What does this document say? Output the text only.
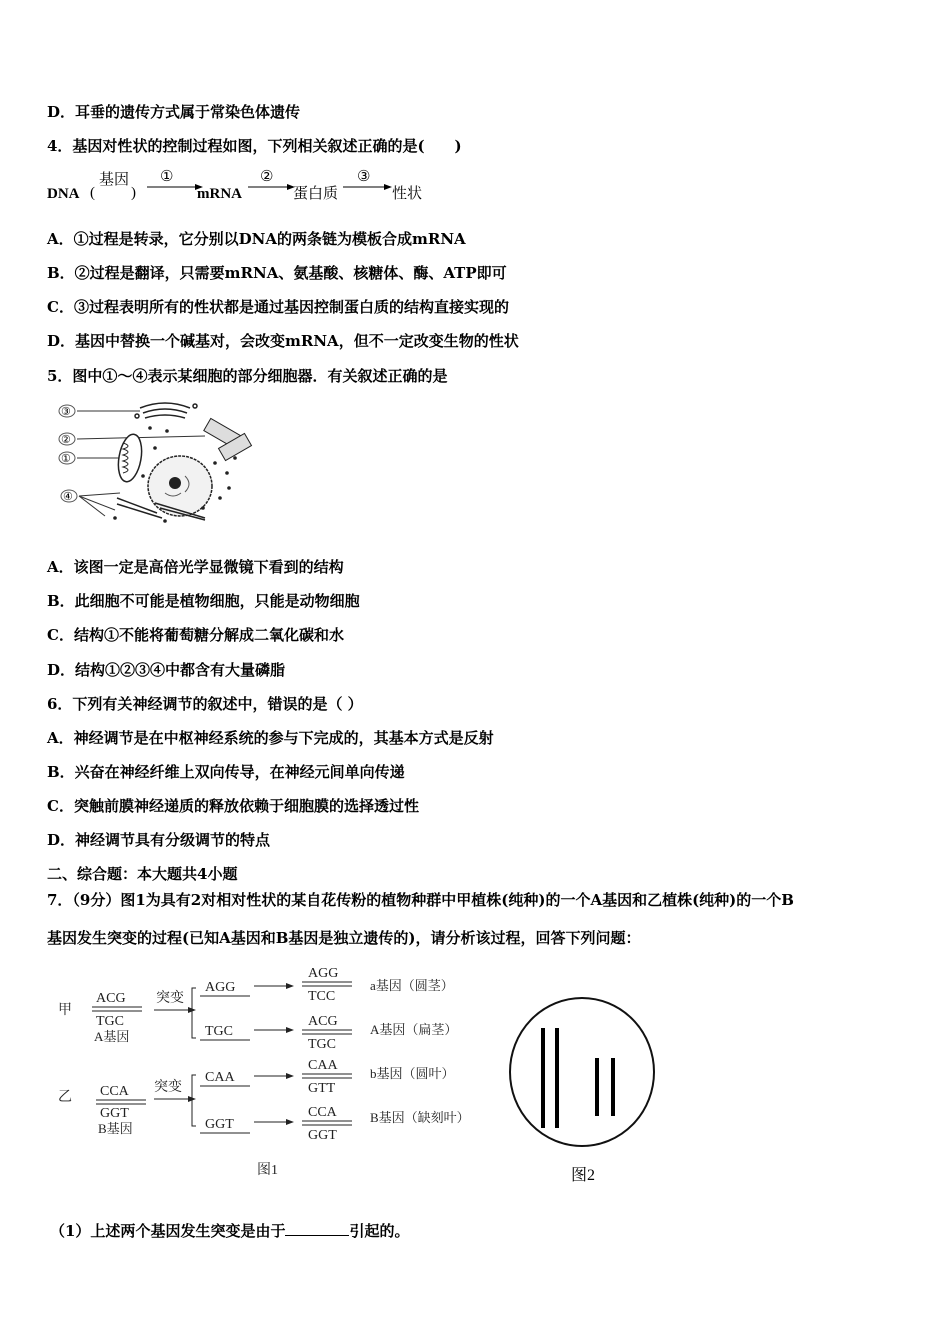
D．耳垂的遗传方式属于常染色体遗传
4．基因对性状的控制过程如图，下列相关叙述正确的是(　　)
DNA (
基因
)
①
mRNA
②
蛋白质
③
性状
A．①过程是转录，它分别以DNA的两条链为模板合成mRNA
B．②过程是翻译，只需要mRNA、氨基酸、核糖体、酶、ATP即可
C．③过程表明所有的性状都是通过基因控制蛋白质的结构直接实现的
D．基因中替换一个碱基对，会改变mRNA，但不一定改变生物的性状
5．图中①～④表示某细胞的部分细胞器．有关叙述正确的是
③
②
①
④
A．该图一定是高倍光学显微镜下看到的结构
B．此细胞不可能是植物细胞，只能是动物细胞
C．结构①不能将葡萄糖分解成二氧化碳和水
D．结构①②③④中都含有大量磷脂
6．下列有关神经调节的叙述中，错误的是（ ）
A．神经调节是在中枢神经系统的参与下完成的，其基本方式是反射
B．兴奋在神经纤维上双向传导，在神经元间单向传递
C．突触前膜神经递质的释放依赖于细胞膜的选择透过性
D．神经调节具有分级调节的特点
二、综合题：本大题共4小题
7．（9分）图1为具有2对相对性状的某自花传粉的植物种群中甲植株(纯种)的一个A基因和乙植株(纯种)的一个B
基因发生突变的过程(已知A基因和B基因是独立遗传的)，请分析该过程，回答下列问题：
甲
乙
ACG
TGC
A基因
突变
CCA
GGT
B基因
突变
AGG
AGG
TCC
a基因（圆茎）
TGC
ACG
TGC
A基因（扁茎）
CAA
CAA
GTT
b基因（圆叶）
GGT
CCA
GGT
B基因（缺刻叶）
图1	图2
（1）上述两个基因发生突变是由于	引起的。
